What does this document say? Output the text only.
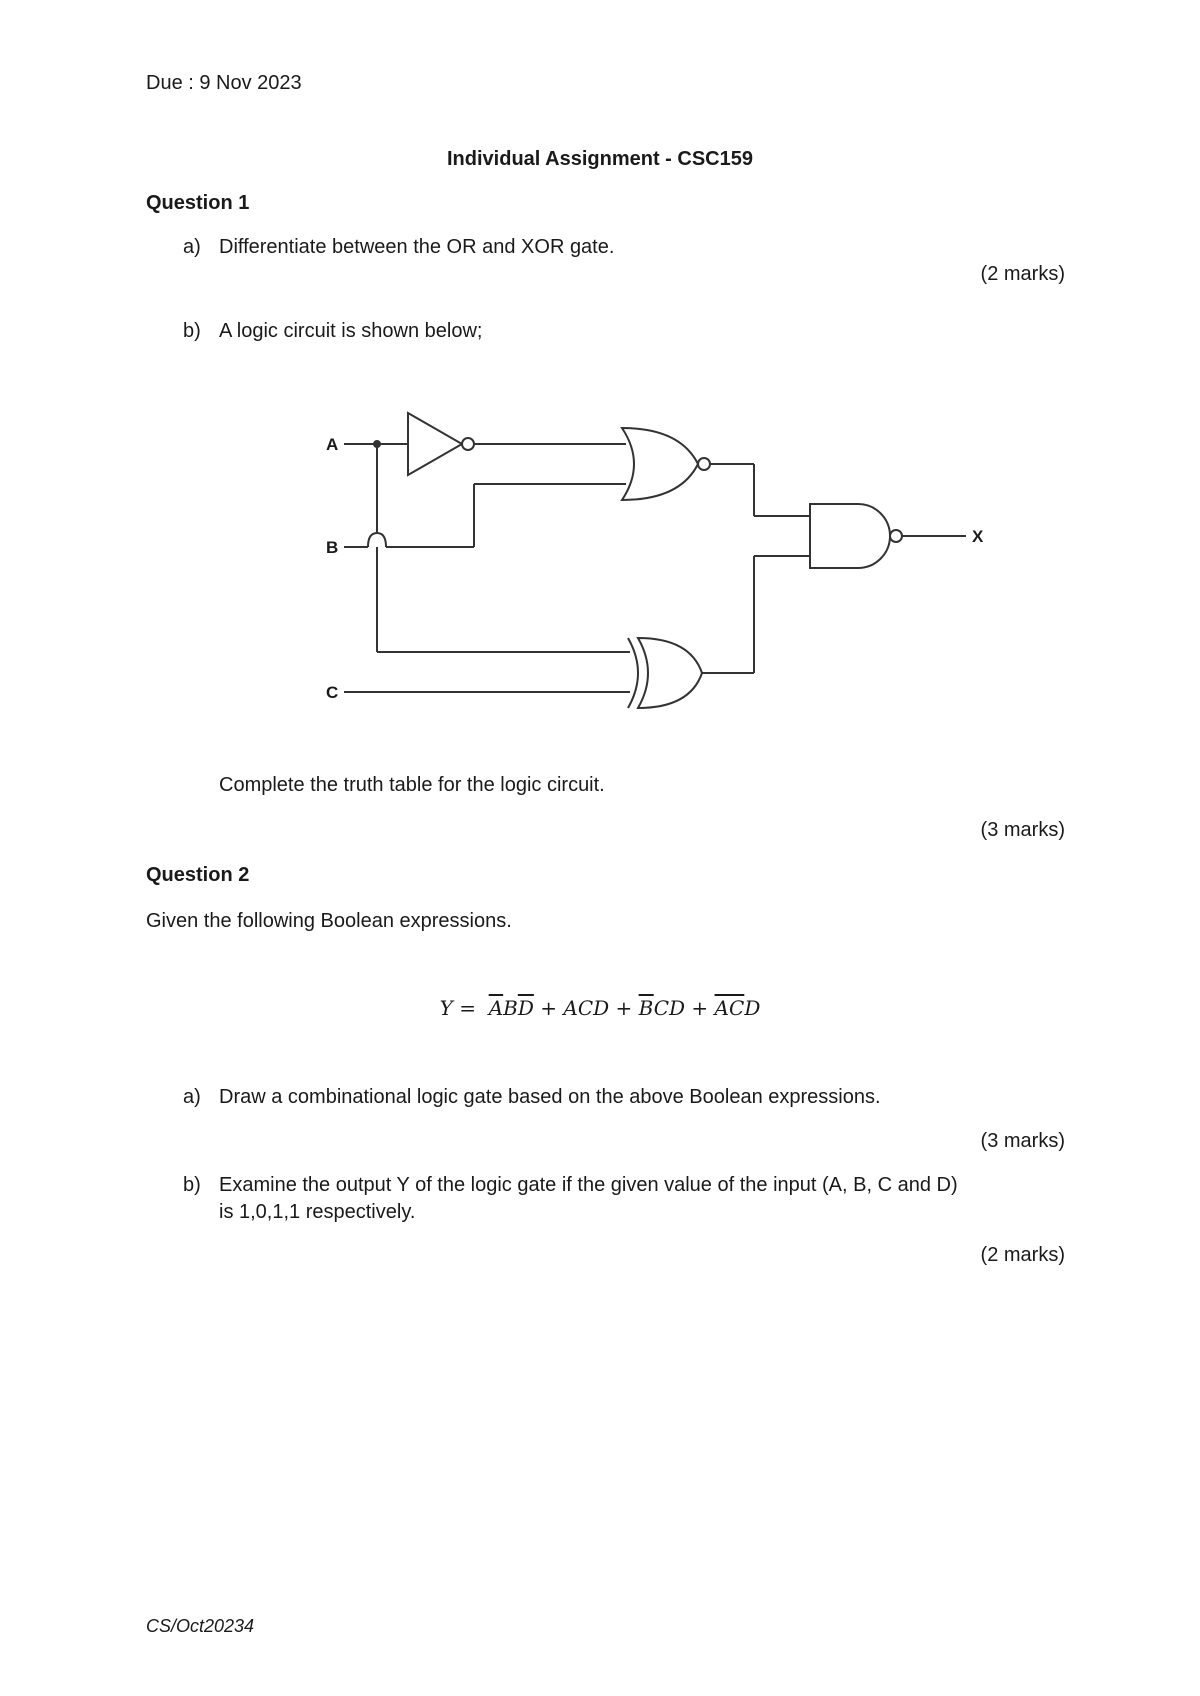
Due : 9 Nov 2023
Individual Assignment - CSC159
Question 1
a) Differentiate between the OR and XOR gate.
(2 marks)
b) A logic circuit is shown below;
A
B
C
X
Complete the truth table for the logic circuit.
(3 marks)
Question 2
Given the following Boolean expressions.
$Y = \overline{A}B\overline{D}$ + ACD + $\overline{B}CD + \overline{A}\overline{C}D$
a) Draw a combinational logic gate based on the above Boolean expressions.
(3 marks)
b) Examine the output Y of the logic gate if the given value of the input (A, B, C and D)
is 1,0,1,1 respectively.
(2 marks)
CS/Oct20234
